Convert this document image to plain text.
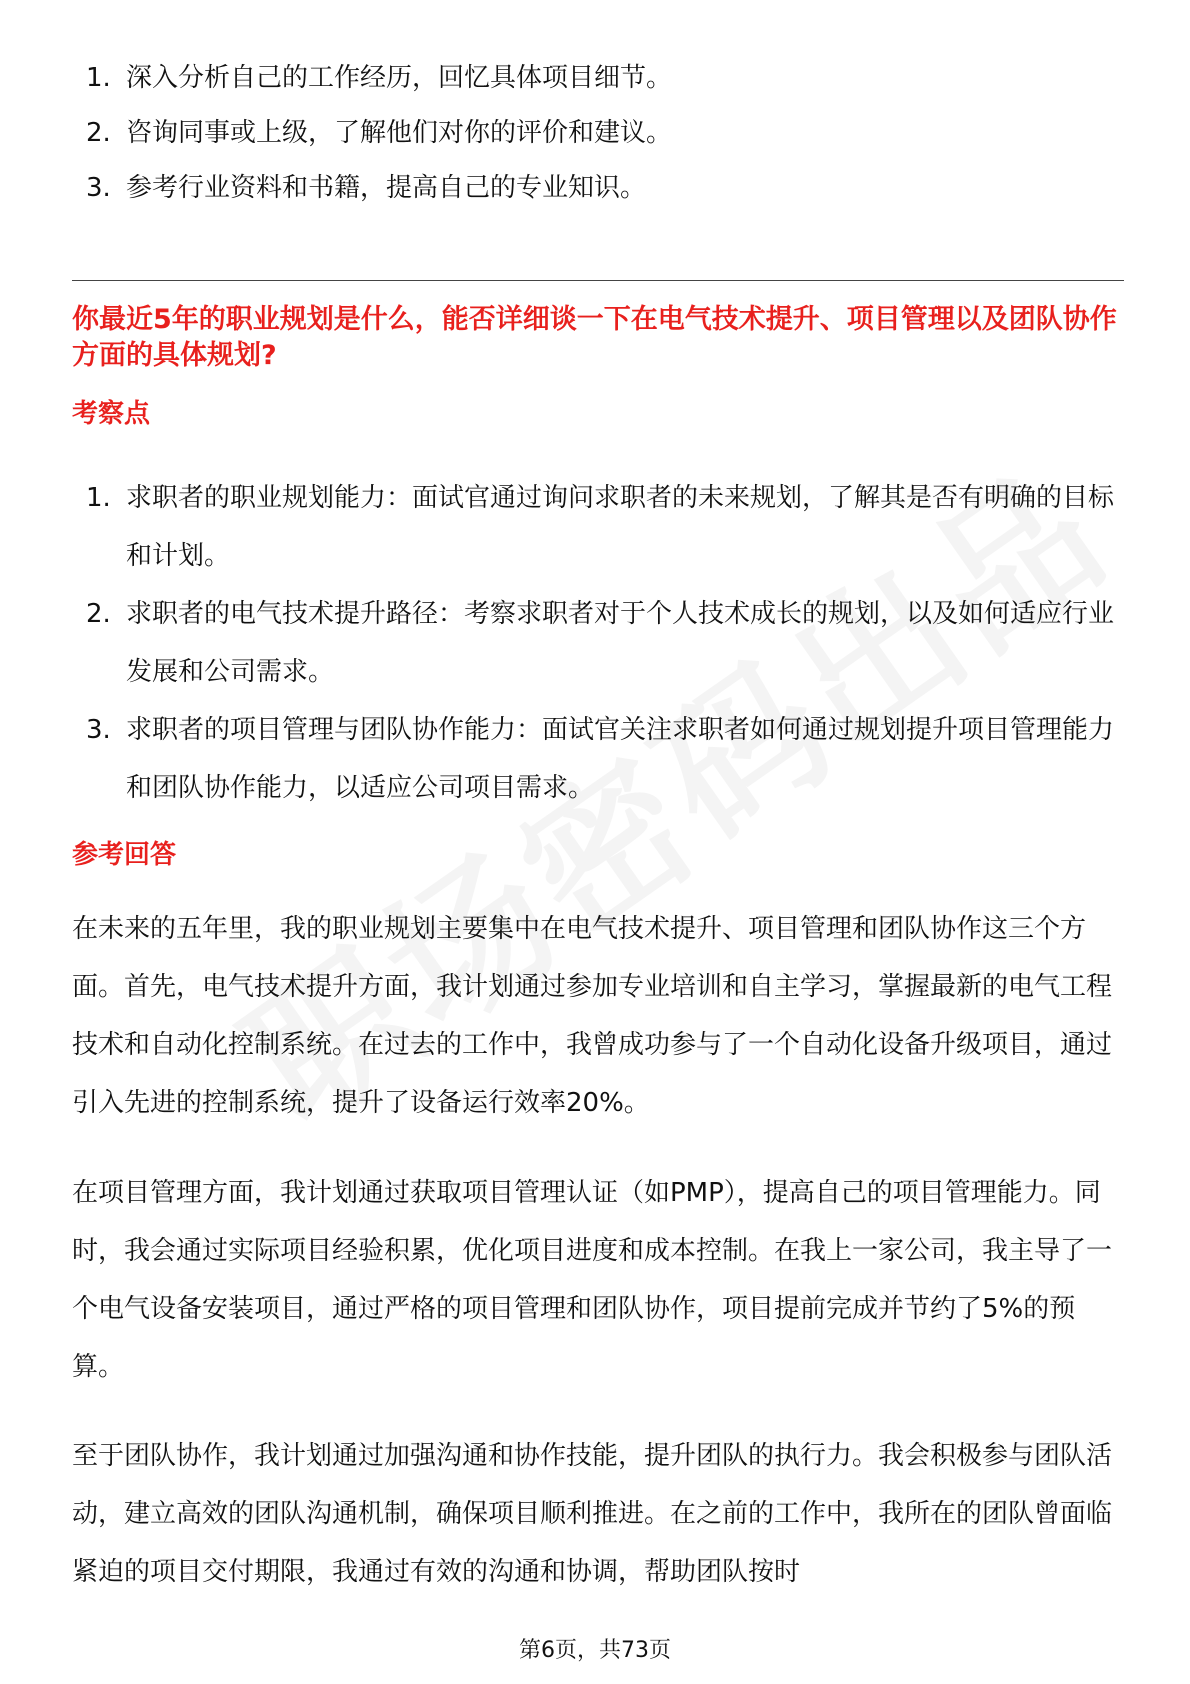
1. 深入分析自己的工作经历，回忆具体项目细节。
2. 咨询同事或上级，了解他们对你的评价和建议。
3. 参考行业资料和书籍，提高自己的专业知识。
你最近5年的职业规划是什么，能否详细谈一下在电气技术提升、项目管理以及团队协作方面的具体规划?
考察点
1. 求职者的职业规划能力：面试官通过询问求职者的未来规划，了解其是否有明确的目标和计划。
2. 求职者的电气技术提升路径：考察求职者对于个人技术成长的规划，以及如何适应行业发展和公司需求。
3. 求职者的项目管理与团队协作能力：面试官关注求职者如何通过规划提升项目管理能力和团队协作能力，以适应公司项目需求。
参考回答

在未来的五年里，我的职业规划主要集中在电气技术提升、项目管理和团队协作这三个方面。首先，电气技术提升方面，我计划通过参加专业培训和自主学习，掌握最新的电气工程技术和自动化控制系统。在过去的工作中，我曾成功参与了一个自动化设备升级项目，通过引入先进的控制系统，提升了设备运行效率20%。

在项目管理方面，我计划通过获取项目管理认证（如PMP），提高自己的项目管理能力。同时，我会通过实际项目经验积累，优化项目进度和成本控制。在我上一家公司，我主导了一个电气设备安装项目，通过严格的项目管理和团队协作，项目提前完成并节约了5%的预算。

至于团队协作，我计划通过加强沟通和协作技能，提升团队的执行力。我会积极参与团队活动，建立高效的团队沟通机制，确保项目顺利推进。在之前的工作中，我所在的团队曾面临紧迫的项目交付期限，我通过有效的沟通和协调，帮助团队按时

第6页，共73页
